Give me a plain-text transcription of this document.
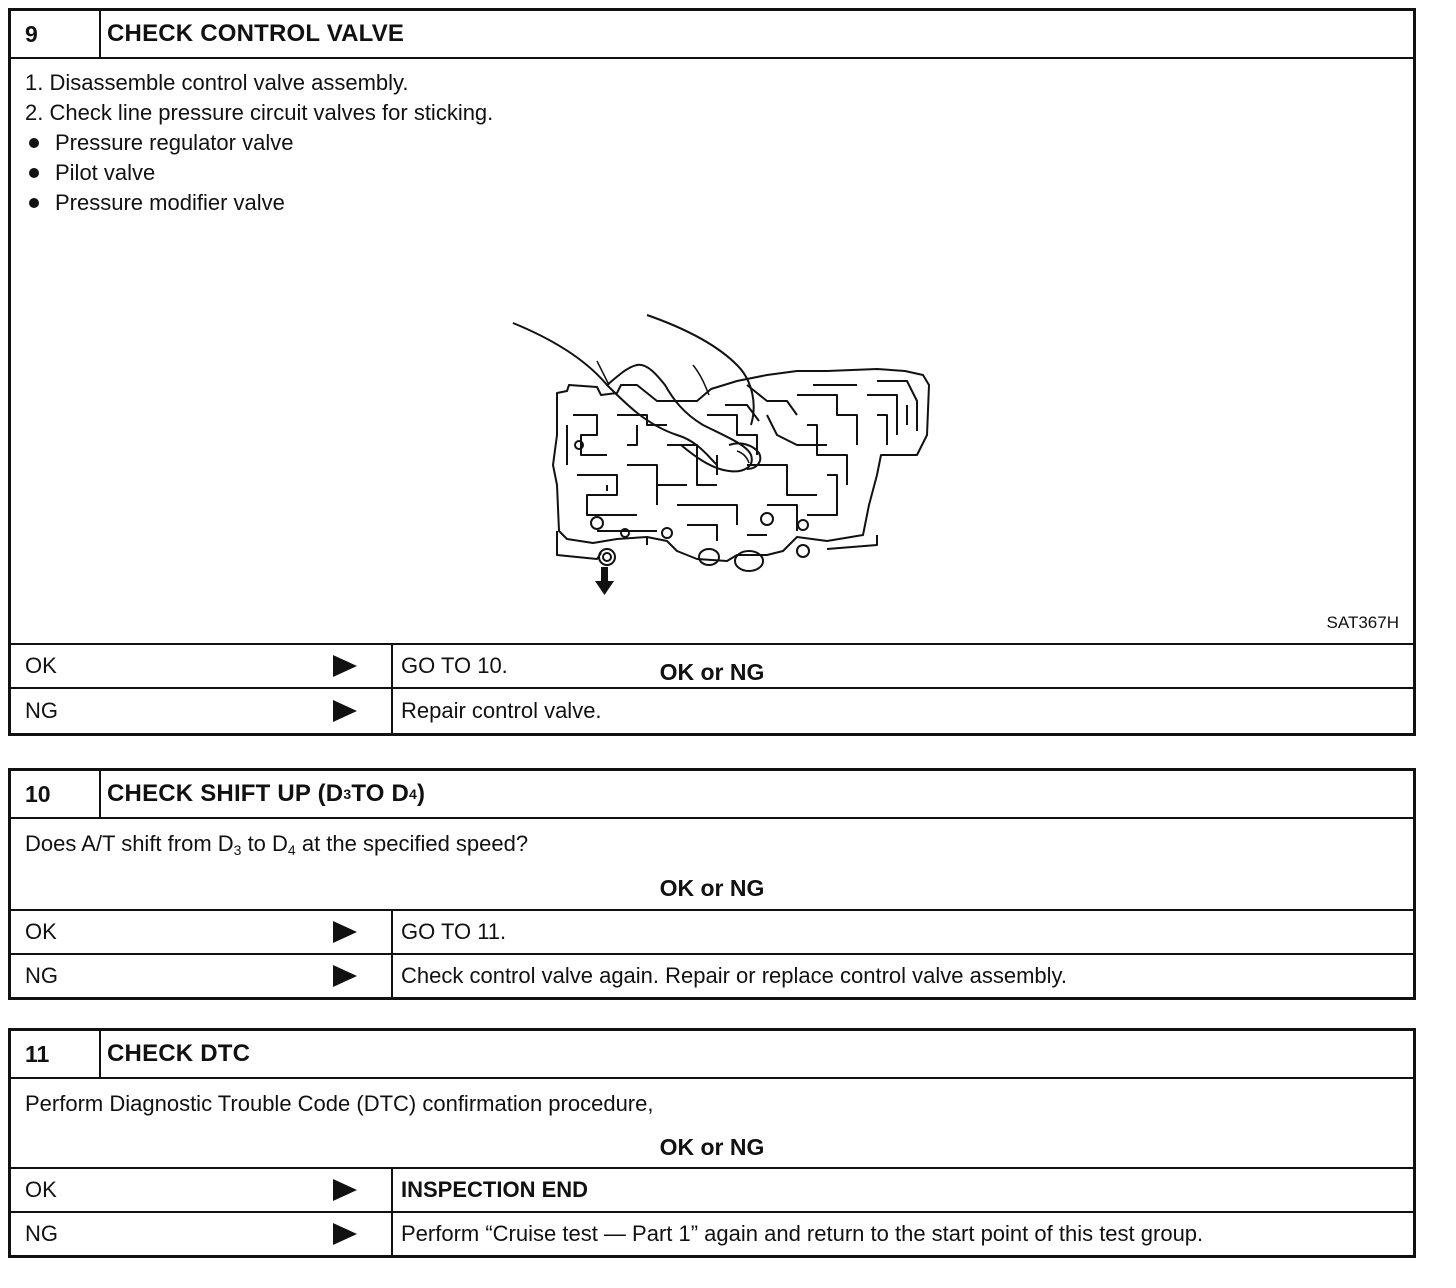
9	CHECK CONTROL VALVE
1. Disassemble control valve assembly.
2. Check line pressure circuit valves for sticking.
Pressure regulator valve
Pilot valve
Pressure modifier valve
SAT367H
OK or NG
OK	GO TO 10.
NG	Repair control valve.
10	CHECK SHIFT UP (D 3 TO D 4 )
Does A/T shift from $D_3$ to $D_4$ at the specified speed?
OK or NG
OK	GO TO 11.
NG	Check control valve again. Repair or replace control valve assembly.
11	CHECK DTC
Perform Diagnostic Trouble Code (DTC) confirmation procedure,
OK or NG
OK	INSPECTION END
NG	Perform “Cruise test — Part 1” again and return to the start point of this test group.
